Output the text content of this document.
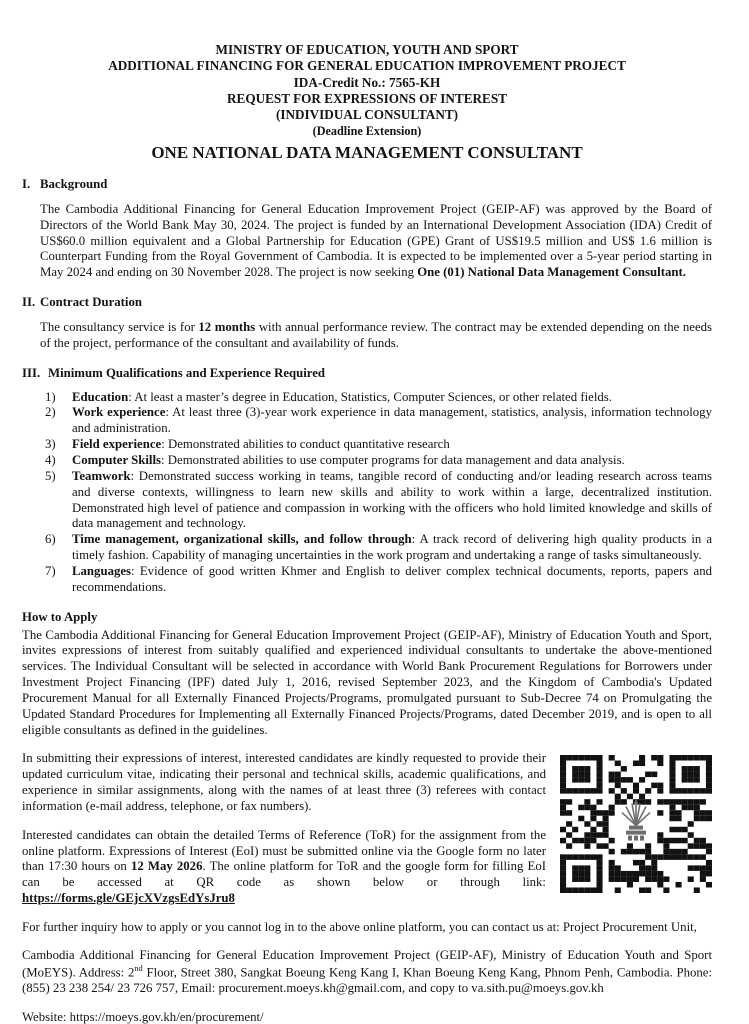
MINISTRY OF EDUCATION, YOUTH AND SPORT
ADDITIONAL FINANCING FOR GENERAL EDUCATION IMPROVEMENT PROJECT
IDA-Credit No.: 7565-KH
REQUEST FOR EXPRESSIONS OF INTEREST
(INDIVIDUAL CONSULTANT)
(Deadline Extension)
ONE NATIONAL DATA MANAGEMENT CONSULTANT
I. Background

The Cambodia Additional Financing for General Education Improvement Project (GEIP-AF) was approved by the Board of Directors of the World Bank May 30, 2024. The project is funded by an International Development Association (IDA) Credit of US$60.0 million equivalent and a Global Partnership for Education (GPE) Grant of US$19.5 million and US$ 1.6 million is Counterpart Funding from the Royal Government of Cambodia. It is expected to be implemented over a 5-year period starting in May 2024 and ending on 30 November 2028. The project is now seeking One (01) National Data Management Consultant.

II. Contract Duration

The consultancy service is for 12 months with annual performance review. The contract may be extended depending on the needs of the project, performance of the consultant and availability of funds.

III. Minimum Qualifications and Experience Required
1)	Education: At least a master’s degree in Education, Statistics, Computer Sciences, or other related fields.
2)	Work experience: At least three (3)-year work experience in data management, statistics, analysis, information technology and administration.
3)	Field experience: Demonstrated abilities to conduct quantitative research
4)	Computer Skills: Demonstrated abilities to use computer programs for data management and data analysis.
5)	Teamwork: Demonstrated success working in teams, tangible record of conducting and/or leading research across teams and diverse contexts, willingness to learn new skills and ability to work within a large, decentralized institution. Demonstrated high level of patience and compassion in working with the officers who hold limited knowledge and skills of data management and technology.
6)	Time management, organizational skills, and follow through: A track record of delivering high quality products in a timely fashion. Capability of managing uncertainties in the work program and undertaking a range of tasks simultaneously.
7)	Languages: Evidence of good written Khmer and English to deliver complex technical documents, reports, papers and recommendations.
How to Apply

The Cambodia Additional Financing for General Education Improvement Project (GEIP-AF), Ministry of Education Youth and Sport, invites expressions of interest from suitably qualified and experienced individual consultants to undertake the above-mentioned services. The Individual Consultant will be selected in accordance with World Bank Procurement Regulations for Borrowers under Investment Project Financing (IPF) dated July 1, 2016, revised September 2023, and the Kingdom of Cambodia's Updated Procurement Manual for all Externally Financed Projects/Programs, promulgated pursuant to Sub-Decree 74 on Promulgating the Updated Standard Procedures for Implementing all Externally Financed Projects/Programs, dated December 2019, and is open to all eligible consultants as defined in the guidelines.

In submitting their expressions of interest, interested candidates are kindly requested to provide their updated curriculum vitae, indicating their personal and technical skills, academic qualifications, and experience in similar assignments, along with the names of at least three (3) referees with contact information (e-mail address, telephone, or fax numbers).

Interested candidates can obtain the detailed Terms of Reference (ToR) for the assignment from the online platform. Expressions of Interest (EoI) must be submitted online via the Google form no later than 17:30 hours on 12 May 2026. The online platform for ToR and the google form for filling EoI can be accessed at QR code as shown below or through link: https://forms.gle/GEjcXVzgsEdYsJru8

For further inquiry how to apply or you cannot log in to the above online platform, you can contact us at: Project Procurement Unit,

Cambodia Additional Financing for General Education Improvement Project (GEIP-AF), Ministry of Education Youth and Sport (MoEYS). Address: 2nd Floor, Street 380, Sangkat Boeung Keng Kang I, Khan Boeung Keng Kang, Phnom Penh, Cambodia. Phone: (855) 23 238 254/ 23 726 757, Email: procurement.moeys.kh@gmail.com, and copy to va.sith.pu@moeys.gov.kh

Website: https://moeys.gov.kh/en/procurement/
